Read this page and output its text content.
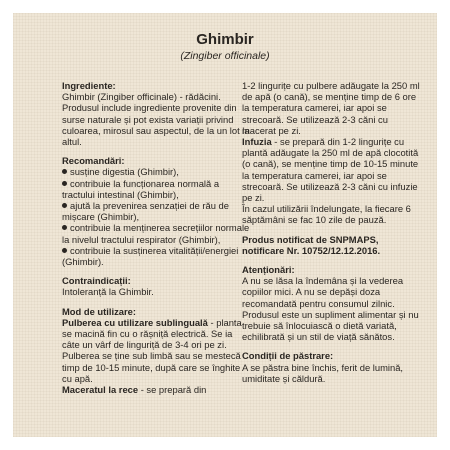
Ghimbir
(Zingiber officinale)
Ingrediente:
Ghimbir (Zingiber officinale) - rădăcini. Produsul include ingrediente provenite din surse naturale și pot exista variații privind culoarea, mirosul sau aspectul, de la un lot la altul.
Recomandări:
susține digestia (Ghimbir),
contribuie la funcționarea normală a tractului intestinal (Ghimbir),
ajută la prevenirea senzației de rău de mișcare (Ghimbir),
contribuie la menținerea secrețiilor normale la nivelul tractului respirator (Ghimbir),
contribuie la susținerea vitalității/energiei (Ghimbir).
Contraindicații:
Intoleranță la Ghimbir.
Mod de utilizare:
Pulberea cu utilizare sublinguală - planta se macină fin cu o rășniță electrică. Se ia câte un vârf de linguriță de 3-4 ori pe zi. Pulberea se ține sub limbă sau se mestecă timp de 10-15 minute, după care se înghite cu apă.
Maceratul la rece - se prepară din
1-2 lingurițe cu pulbere adăugate la 250 ml de apă (o cană), se menține timp de 6 ore la temperatura camerei, iar apoi se strecoară. Se utilizează 2-3 căni cu macerat pe zi.
Infuzia - se prepară din 1-2 lingurițe cu plantă adăugate la 250 ml de apă clocotită (o cană), se menține timp de 10-15 minute la temperatura camerei, iar apoi se strecoară. Se utilizează 2-3 căni cu infuzie pe zi.
În cazul utilizării îndelungate, la fiecare 6 săptămâni se fac 10 zile de pauză.
Produs notificat de SNPMAPS,
notificare Nr. 10752/12.12.2016.
Atenționări:
A nu se lăsa la îndemâna și la vederea copiilor mici. A nu se depăși doza recomandată pentru consumul zilnic. Produsul este un supliment alimentar și nu trebuie să înlocuiască o dietă variată, echilibrată și un stil de viață sănătos.
Condiții de păstrare:
A se păstra bine închis, ferit de lumină, umiditate și căldură.
